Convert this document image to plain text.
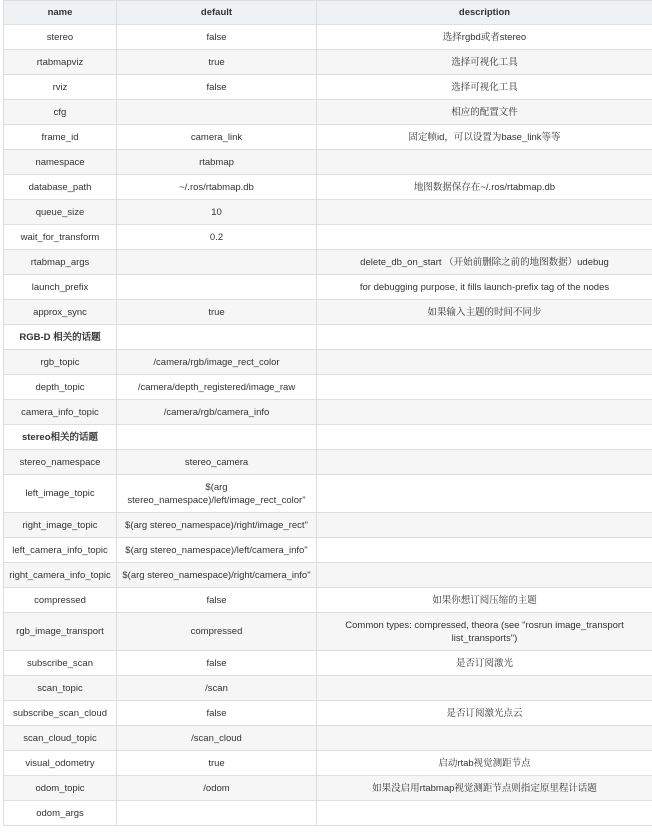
name	default	description
stereo	false	选择rgbd或者stereo
rtabmapviz	true	选择可视化工具
rviz	false	选择可视化工具
cfg		相应的配置文件
frame_id	camera_link	固定帧id，可以设置为base_link等等
namespace	rtabmap	
database_path	~/.ros/rtabmap.db	地图数据保存在~/.ros/rtabmap.db
queue_size	10	
wait_for_transform	0.2	
rtabmap_args		delete_db_on_start （开始前删除之前的地图数据）udebug
launch_prefix		for debugging purpose, it fills launch-prefix tag of the nodes
approx_sync	true	如果输入主题的时间不同步
RGB-D 相关的话题		
rgb_topic	/camera/rgb/image_rect_color	
depth_topic	/camera/depth_registered/image_raw	
camera_info_topic	/camera/rgb/camera_info	
stereo相关的话题		
stereo_namespace	stereo_camera	
left_image_topic	$(arg stereo_namespace)/left/image_rect_color"	
right_image_topic	$(arg stereo_namespace)/right/image_rect"	
left_camera_info_topic	$(arg stereo_namespace)/left/camera_info"	
right_camera_info_topic	$(arg stereo_namespace)/right/camera_info"	
compressed	false	如果你想订阅压缩的主题
rgb_image_transport	compressed	Common types: compressed, theora (see "rosrun image_transport list_transports")
subscribe_scan	false	是否订阅激光
scan_topic	/scan	
subscribe_scan_cloud	false	是否订阅激光点云
scan_cloud_topic	/scan_cloud	
visual_odometry	true	启动rtab视觉测距节点
odom_topic	/odom	如果没启用rtabmap视觉测距节点则指定原里程计话题
odom_args		
